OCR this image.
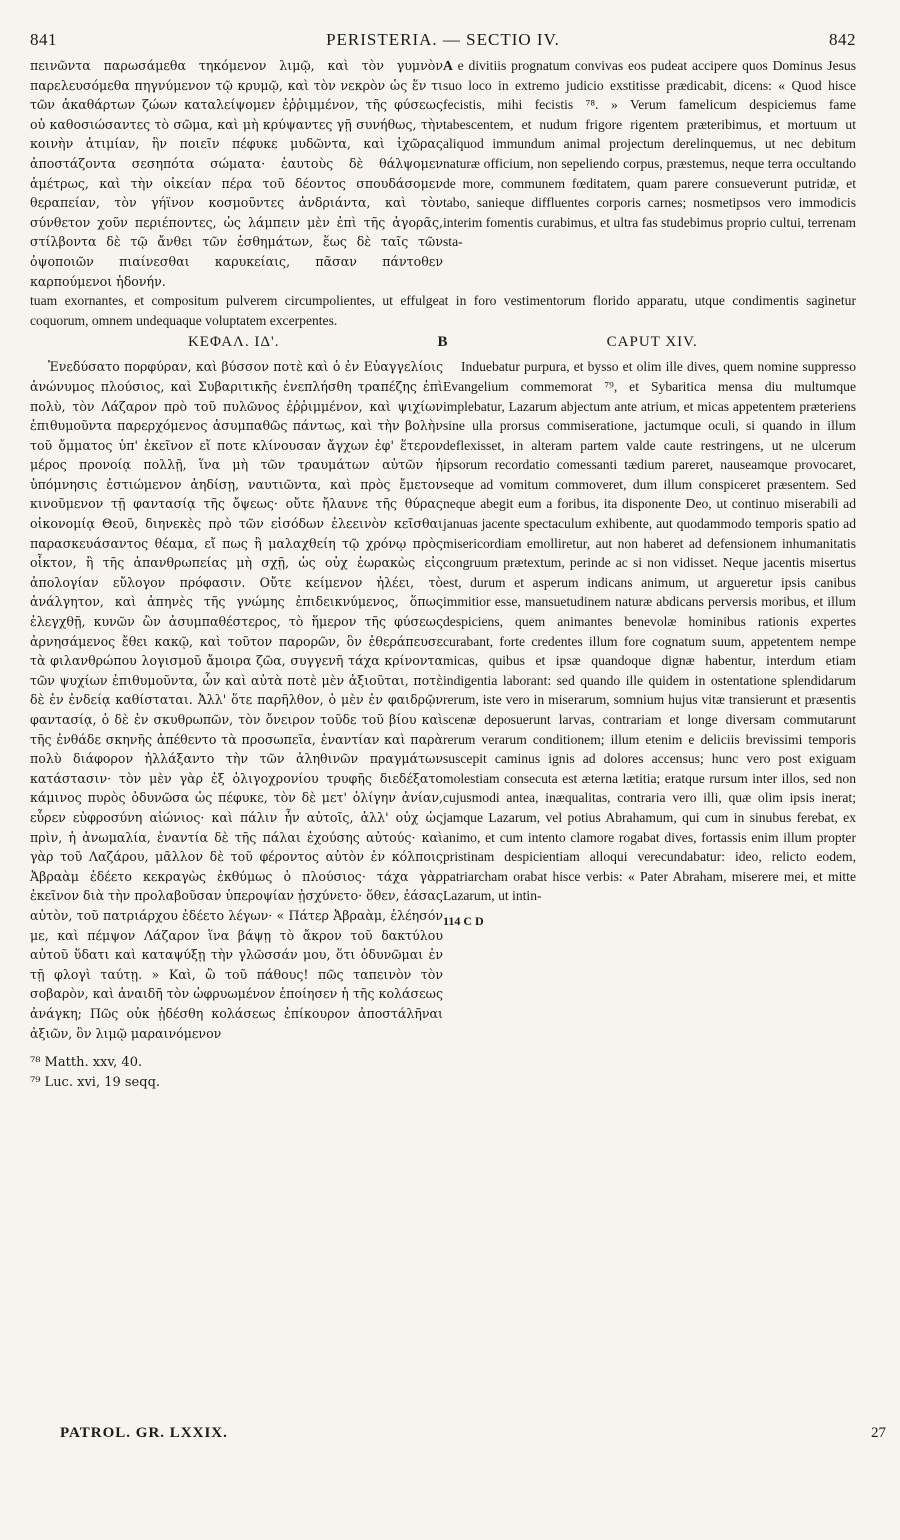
841	PERISTERIA. — SECTIO IV.	842

πεινῶντα παρωσάμεθα τηκόμενον λιμῷ, καὶ τὸν γυμνὸν παρελευσόμεθα πηγνύμενον τῷ κρυμῷ, καὶ τὸν νεκρὸν ὡς ἕν τι τῶν ἀκαθάρτων ζώων καταλείψομεν ἐῤῥιμμένον, τῆς φύσεως οὐ καθοσιώσαντες τὸ σῶμα, καὶ μὴ κρύψαντες γῇ συνήθως, τὴν κοινὴν ἀτιμίαν, ἣν ποιεῖν πέφυκε μυδῶντα, καὶ ἰχῶρας ἀποστάζοντα σεσηπότα σώματα· ἑαυτοὺς δὲ θάλψομεν ἀμέτρως, καὶ τὴν οἰκείαν πέρα τοῦ δέοντος σπουδάσομεν θεραπείαν, τὸν γήϊνον κοσμοῦντες ἀνδριάντα, καὶ τὸν σύνθετον χοῦν περιέποντες, ὡς λάμπειν μὲν ἐπὶ τῆς ἀγορᾶς, στίλβοντα δὲ τῷ ἄνθει τῶν ἐσθημάτων, ἕως δὲ ταῖς τῶν ὀψοποιῶν πιαίνεσθαι καρυκείαις, πᾶσαν πάντοθεν καρπούμενοι ἡδονήν.

A e divitiis prognatum convivas eos pudeat accipere quos Dominus Jesus suo loco in extremo judicio exstitisse prædicabit, dicens: « Quod hisce fecistis, mihi fecistis ⁷⁸. » Verum famelicum despiciemus fame tabescentem, et nudum frigore rigentem præteribimus, et mortuum ut aliquod immundum animal projectum derelinquemus, ut nec debitum naturæ officium, non sepeliendo corpus, præstemus, neque terra occultando de more, communem fœditatem, quam parere consueverunt putridæ, et tabo, sanieque diffluentes corporis carnes; nosmetipsos vero immodicis interim fomentis curabimus, et ultra fas studebimus proprio cultui, terrenam sta-

tuam exornantes, et compositum pulverem circumpolientes, ut effulgeat in foro vestimentorum florido apparatu, utque condimentis saginetur coquorum, omnem undequaque voluptatem excerpentes.

ΚΕΦΑΛ. ΙΔ'.	B	CAPUT XIV.

Ἐνεδύσατο πορφύραν, καὶ βύσσον ποτὲ καὶ ὁ ἐν Εὐαγγελίοις ἀνώνυμος πλούσιος, καὶ Συβαριτικῆς ἐνεπλήσθη τραπέζης ἐπὶ πολὺ, τὸν Λάζαρον πρὸ τοῦ πυλῶνος ἐῤῥιμμένον, καὶ ψιχίων ἐπιθυμοῦντα παρερχόμενος ἀσυμπαθῶς πάντως, καὶ τὴν βολὴν τοῦ ὄμματος ὑπ' ἐκεῖνον εἴ ποτε κλίνουσαν ἄγχων ἐφ' ἕτερον μέρος προνοίᾳ πολλῇ, ἵνα μὴ τῶν τραυμάτων αὐτῶν ἡ ὑπόμνησις ἐστιώμενον ἀηδίσῃ, ναυτιῶντα, καὶ πρὸς ἔμετον κινοῦμενον τῇ φαντασίᾳ τῆς ὄψεως· οὔτε ἤλαυνε τῆς θύρας οἰκονομίᾳ Θεοῦ, διηνεκὲς πρὸ τῶν εἰσόδων ἐλεεινὸν κεῖσθαι παρασκευάσαντος θέαμα, εἴ πως ἢ μαλαχθείη τῷ χρόνῳ πρὸς οἶκτον, ἢ τῆς ἀπανθρωπείας μὴ σχῇ, ὡς οὐχ ἑωρακὼς εἰς ἀπολογίαν εὔλογον πρόφασιν. Οὔτε κείμενον ἠλέει, τὸ ἀνάλγητον, καὶ ἀπηνὲς τῆς γνώμης ἐπιδεικνύμενος, ὅπως ἐλεγχθῇ, κυνῶν ὢν ἀσυμπαθέστερος, τὸ ἥμερον τῆς φύσεως ἀρνησάμενος ἔθει κακῷ, καὶ τοῦτον παρορῶν, ὃν ἐθεράπευσε τὰ φιλανθρώπου λογισμοῦ ἄμοιρα ζῶα, συγγενῆ τάχα κρίνοντα τῶν ψυχίων ἐπιθυμοῦντα, ὧν καὶ αὐτὰ ποτὲ μὲν ἀξιοῦται, ποτὲ δὲ ἐν ἐνδείᾳ καθίσταται. Ἀλλ' ὅτε παρῆλθον, ὁ μὲν ἐν φαιδρῷν φαντασίᾳ, ὁ δὲ ἐν σκυθρωπῶν, τὸν ὄνειρον τοῦδε τοῦ βίου καὶ τῆς ἐνθάδε σκηνῆς ἀπέθεντο τὰ προσωπεῖα, ἐναντίαν καὶ παρὰ πολὺ διάφορον ἠλλάξαντο τὴν τῶν ἀληθινῶν πραγμάτων κατάστασιν· τὸν μὲν γὰρ ἐξ ὀλιγοχρονίου τρυφῆς διεδέξατο κάμινος πυρὸς ὀδυνῶσα ὡς πέφυκε, τὸν δὲ μετ' ὀλίγην ἀνίαν, εὗρεν εὐφροσύνη αἰώνιος· καὶ πάλιν ἦν αὐτοῖς, ἀλλ' οὐχ ὡς πρὶν, ἡ ἀνωμαλία, ἐναντία δὲ τῆς πάλαι ἐχούσης αὐτούς· καὶ γὰρ τοῦ Λαζάρου, μᾶλλον δὲ τοῦ φέροντος αὐτὸν ἐν κόλποις Ἀβραὰμ ἐδέετο κεκραγὼς ἐκθύμως ὁ πλούσιος· τάχα γὰρ ἐκεῖνον διὰ τὴν προλαβοῦσαν ὑπεροψίαν ᾐσχύνετο· ὅθεν, ἐάσας αὐτὸν, τοῦ πατριάρχου ἐδέετο λέγων· « Πάτερ Ἀβραὰμ, ἐλέησόν με, καὶ πέμψον Λάζαρον ἵνα βάψῃ τὸ ἄκρον τοῦ δακτύλου αὐτοῦ ὕδατι καὶ καταψύξῃ τὴν γλῶσσάν μου, ὅτι ὀδυνῶμαι ἐν τῇ φλογὶ ταύτῃ. » Καὶ, ὢ τοῦ πάθους! πῶς ταπεινὸν τὸν σοβαρὸν, καὶ ἀναιδῆ τὸν ὠφρυωμένον ἐποίησεν ἡ τῆς κολάσεως ἀνάγκη; Πῶς οὐκ ᾐδέσθη κολάσεως ἐπίκουρον ἀποστάλῆναι ἀξιῶν, ὃν λιμῷ μαραινόμενον

⁷⁸ Matth. xxv, 40.
⁷⁹ Luc. xvi, 19 seqq.

Induebatur purpura, et bysso et olim ille dives, quem nomine suppresso Evangelium commemorat ⁷⁹, et Sybaritica mensa diu multumque implebatur, Lazarum abjectum ante atrium, et micas appetentem præteriens sine ulla prorsus commiseratione, jactumque oculi, si quando in illum deflexisset, in alteram partem valde caute restringens, ut ne ulcerum ipsorum recordatio comessanti tædium pareret, nauseamque provocaret, seque ad vomitum commoveret, dum illum conspiceret præsentem. Sed neque abegit eum a foribus, ita disponente Deo, ut continuo miserabili ad januas jacente spectaculum exhibente, aut quodammodo temporis spatio ad misericordiam emolliretur, aut non haberet ad defensionem inhumanitatis congruum prætextum, perinde ac si non vidisset. Neque jacentis misertus est, durum et asperum indicans animum, ut argueretur ipsis canibus immitior esse, mansuetudinem naturæ abdicans perversis moribus, et illum despiciens, quem animantes benevolæ hominibus rationis expertes curabant, forte credentes illum fore cognatum suum, appetentem nempe micas, quibus et ipsæ quandoque dignæ habentur, interdum etiam indigentia laborant: sed quando ille quidem in ostentatione splendidarum rerum, iste vero in miserarum, somnium hujus vitæ transierunt et præsentis scenæ deposuerunt larvas, contrariam et longe diversam commutarunt rerum verarum conditionem; illum etenim e deliciis brevissimi temporis suscepit caminus ignis ad dolores accensus; hunc vero post exiguam molestiam consecuta est æterna lætitia; eratque rursum inter illos, sed non cujusmodi antea, inæqualitas, contraria vero illi, quæ olim ipsis inerat; jamque Lazarum, vel potius Abrahamum, qui cum in sinubus ferebat, ex animo, et cum intento clamore rogabat dives, fortassis enim illum propter pristinam despicientiam alloqui verecundabatur: ideo, relicto eodem, patriarcham orabat hisce verbis: « Pater Abraham, miserere mei, et mitte Lazarum, ut intin-

114 C D
PATROL. GR. LXXIX.	27
